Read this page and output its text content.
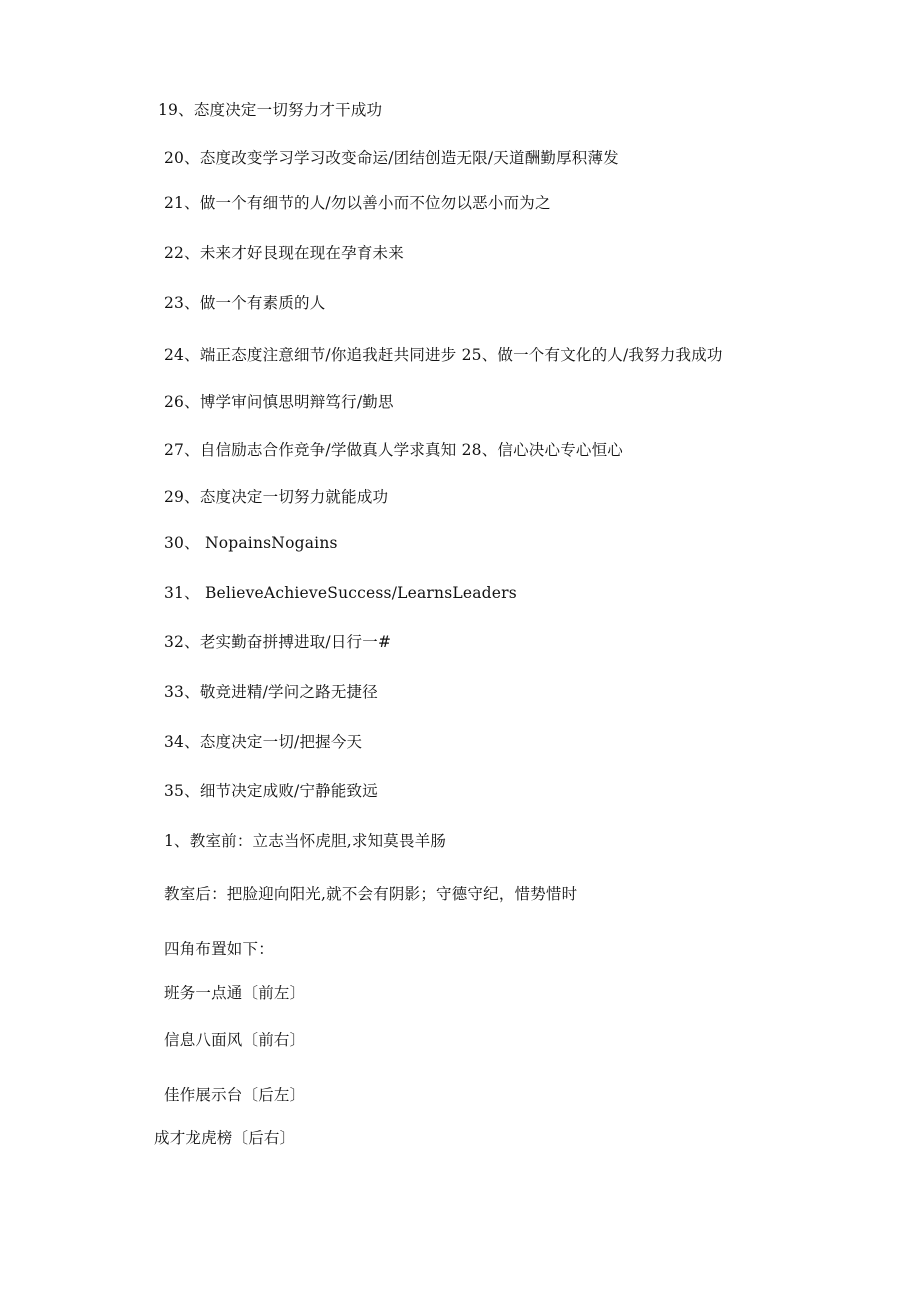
19、态度决定一切努力才干成功
20、态度改变学习学习改变命运/团结创造无限/天道酬勤厚积薄发
21、做一个有细节的人/勿以善小而不位勿以恶小而为之
22、未来才好艮现在现在孕育未来
23、做一个有素质的人
24、端正态度注意细节/你追我赶共同进步 25、做一个有文化的人/我努力我成功
26、博学审问慎思明辩笃行/勤思
27、自信励志合作竞争/学做真人学求真知 28、信心决心专心恒心
29、态度决定一切努力就能成功
30、 NopainsNogains
31、 BelieveAchieveSuccess/LearnsLeaders
32、老实勤奋拼搏进取/日行一#
33、敬竞进精/学问之路无捷径
34、态度决定一切/把握今天
35、细节决定成败/宁静能致远
1、教室前：立志当怀虎胆,求知莫畏羊肠
教室后：把脸迎向阳光,就不会有阴影；守德守纪，惜势惜时
四角布置如下：
班务一点通〔前左〕
信息八面风〔前右〕
佳作展示台〔后左〕
成才龙虎榜〔后右〕
